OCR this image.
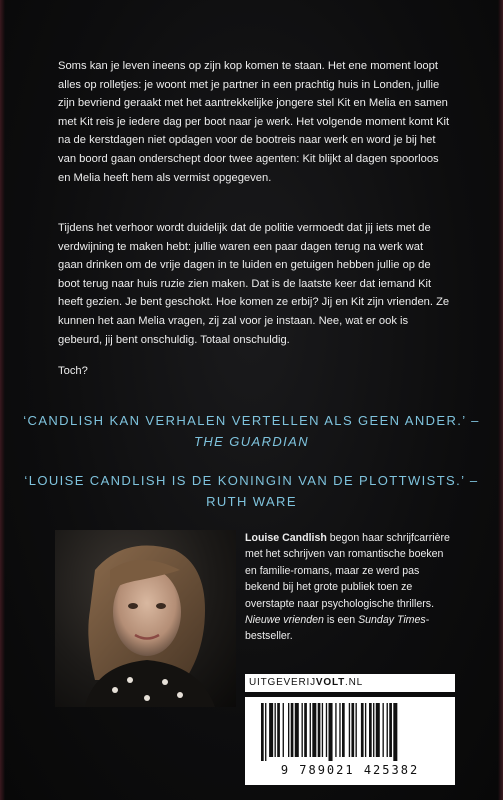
Soms kan je leven ineens op zijn kop komen te staan. Het ene moment loopt alles op rolletjes: je woont met je partner in een prachtig huis in Londen, jullie zijn bevriend geraakt met het aantrekkelijke jongere stel Kit en Melia en samen met Kit reis je iedere dag per boot naar je werk. Het volgende moment komt Kit na de kerstdagen niet opdagen voor de bootreis naar werk en word je bij het van boord gaan onderschept door twee agenten: Kit blijkt al dagen spoorloos en Melia heeft hem als vermist opgegeven.

Tijdens het verhoor wordt duidelijk dat de politie vermoedt dat jij iets met de verdwijning te maken hebt: jullie waren een paar dagen terug na werk wat gaan drinken om de vrije dagen in te luiden en getuigen hebben jullie op de boot terug naar huis ruzie zien maken. Dat is de laatste keer dat iemand Kit heeft gezien. Je bent geschokt. Hoe komen ze erbij? Jij en Kit zijn vrienden. Ze kunnen het aan Melia vragen, zij zal voor je instaan. Nee, wat er ook is gebeurd, jij bent onschuldig. Totaal onschuldig.

Toch?

‘CANDLISH KAN VERHALEN VERTELLEN ALS GEEN ANDER.’ – THE GUARDIAN

‘LOUISE CANDLISH IS DE KONINGIN VAN DE PLOTTWISTS.’ – RUTH WARE

Louise Candlish begon haar schrijfcarrière met het schrijven van romantische boeken en familie-romans, maar ze werd pas bekend bij het grote publiek toen ze overstapte naar psychologische thrillers. Nieuwe vrienden is een Sunday Times-bestseller.

UITGEVERIJVOLT.NL
9 789021 425382
